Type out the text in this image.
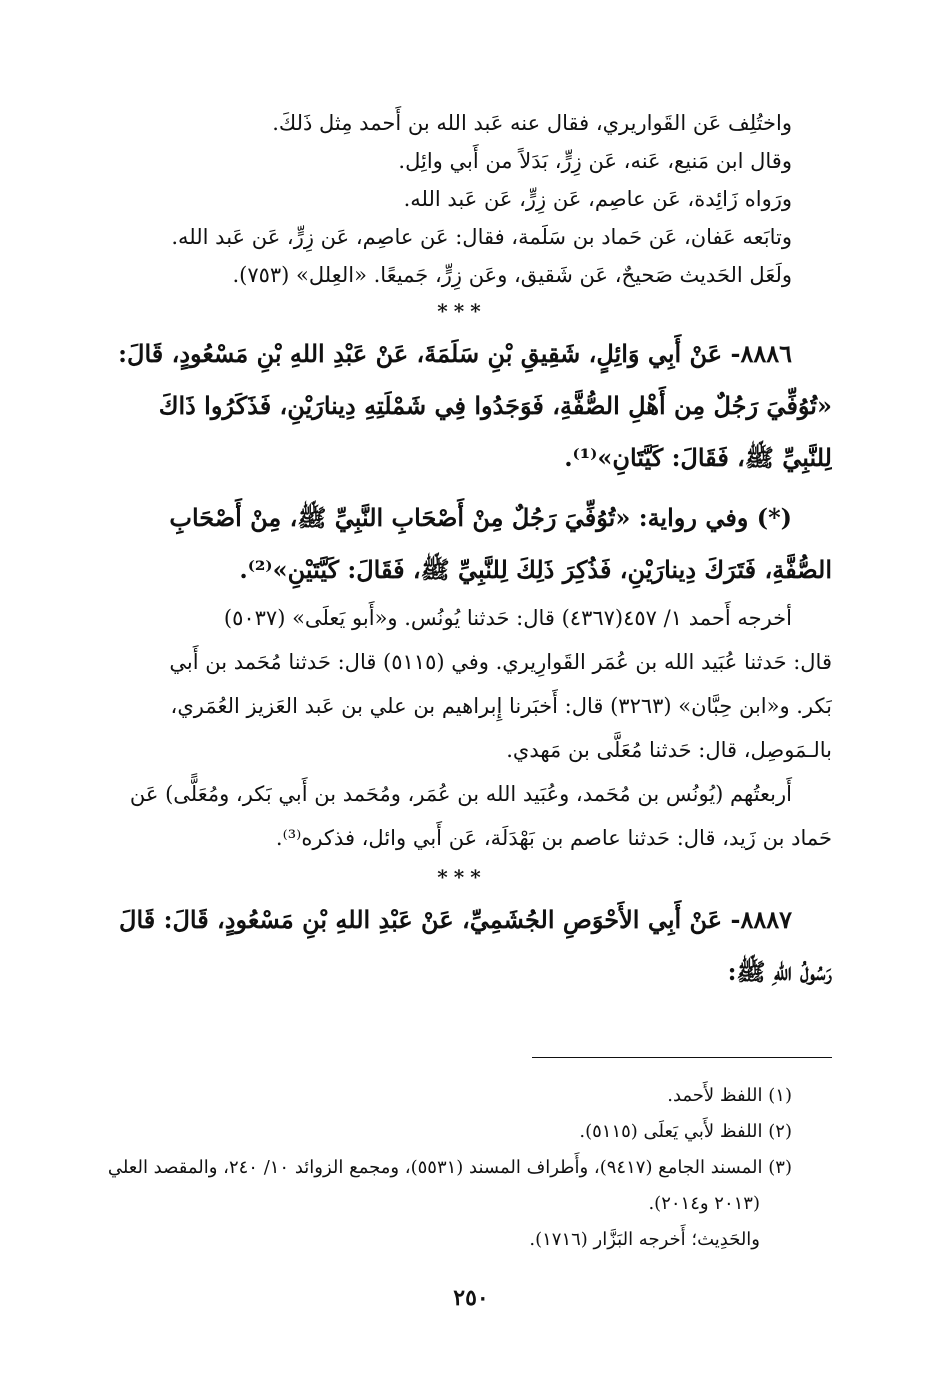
واختُلِف عَن القَواريري، فقال عنه عَبد الله بن أَحمد مِثل ذَلكَ.
وقال ابن مَنيع، عَنه، عَن زِرٍّ، بَدَلاً من أَبي وائِل.
ورَواه زَائِدة، عَن عاصِم، عَن زِرٍّ، عَن عَبد الله.
وتابَعه عَفان، عَن حَماد بن سَلَمة، فقال: عَن عاصِم، عَن زِرٍّ، عَن عَبد الله.
ولَعَل الحَديث صَحيحٌ، عَن شَقيق، وعَن زِرٍّ، جَميعًا. «العِلل» (٧٥٣).
***
٨٨٨٦- عَنْ أَبِي وَائِلٍ، شَقِيقِ بْنِ سَلَمَةَ، عَنْ عَبْدِ اللهِ بْنِ مَسْعُودٍ، قَالَ:
«تُوُفِّيَ رَجُلٌ مِن أَهْلِ الصُّفَّةِ، فَوَجَدُوا فِي شَمْلَتِهِ دِينارَيْنِ، فَذَكَرُوا ذَاكَ
لِلنَّبِيِّ ﷺ، فَقَالَ: كَيَّتَانِ»⁽¹⁾.
(*) وفي رواية: «تُوُفِّيَ رَجُلٌ مِنْ أَصْحَابِ النَّبِيِّ ﷺ، مِنْ أَصْحَابِ
الصُّفَّةِ، فَتَرَكَ دِينارَيْنِ، فَذُكِرَ ذَلِكَ لِلنَّبِيِّ ﷺ، فَقَالَ: كَيَّتَيْنِ»⁽²⁾.
أخرجه أَحمد ١/ ٤٥٧(٤٣٦٧) قال: حَدثنا يُونُس. و«أَبو يَعلَى» (٥٠٣٧)
قال: حَدثنا عُبَيد الله بن عُمَر القَوارِيري. وفي (٥١١٥) قال: حَدثنا مُحَمد بن أَبي
بَكر. و«ابن حِبَّان» (٣٢٦٣) قال: أَخبَرنا إِبراهيم بن علي بن عَبد العَزيز العُمَري،
بالـمَوصِل، قال: حَدثنا مُعَلَّى بن مَهدي.
أَربعتُهم (يُونُس بن مُحَمد، وعُبَيد الله بن عُمَر، ومُحَمد بن أَبي بَكر، ومُعَلًّى) عَن
حَماد بن زَيد، قال: حَدثنا عاصم بن بَهْدَلَة، عَن أَبي وائل، فذكره⁽³⁾.
***
٨٨٨٧- عَنْ أَبِي الأَحْوَصِ الجُشَمِيِّ، عَنْ عَبْدِ اللهِ بْنِ مَسْعُودٍ، قَالَ: قَالَ
رَسُولُ اللهِ ﷺ:
(١) اللفظ لأَحمد.
(٢) اللفظ لأَبي يَعلَى (٥١١٥).
(٣) المسند الجامع (٩٤١٧)، وأَطراف المسند (٥٥٣١)، ومجمع الزوائد ١٠/ ٢٤٠، والمقصد العلي
(٢٠١٣ و٢٠١٤).
والحَدِيث؛ أَخرجه البَزَّار (١٧١٦).
٢٥٠
